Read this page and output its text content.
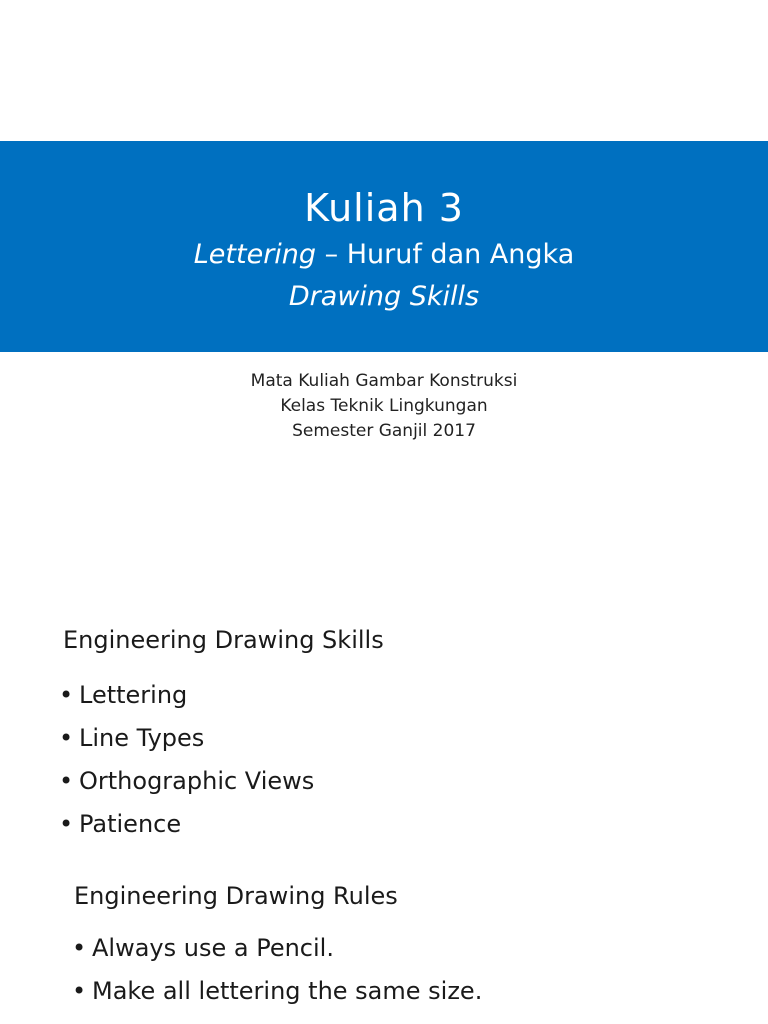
Kuliah 3
Lettering – Huruf dan Angka
Drawing Skills
Mata Kuliah Gambar Konstruksi
Kelas Teknik Lingkungan
Semester Ganjil 2017
Engineering Drawing Skills
• Lettering
• Line Types
• Orthographic Views
• Patience
Engineering Drawing Rules
• Always use a Pencil.
• Make all lettering the same size.
